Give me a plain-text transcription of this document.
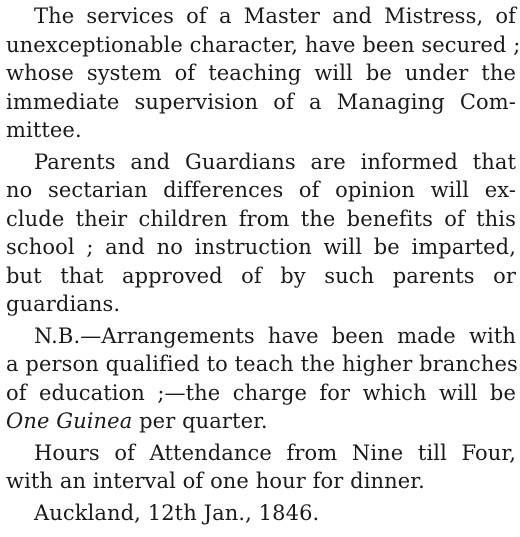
The services of a Master and Mistress, of
unexceptionable character, have been secured ;
whose system of teaching will be under the
immediate supervision of a Managing Com-
mittee.
Parents and Guardians are informed that
no sectarian differences of opinion will ex-
clude their children from the benefits of this
school ; and no instruction will be imparted,
but that approved of by such parents or
guardians.
N.B.—Arrangements have been made with
a person qualified to teach the higher branches
of education ;—the charge for which will be
One Guinea per quarter.
Hours of Attendance from Nine till Four,
with an interval of one hour for dinner.
Auckland, 12th Jan., 1846.
